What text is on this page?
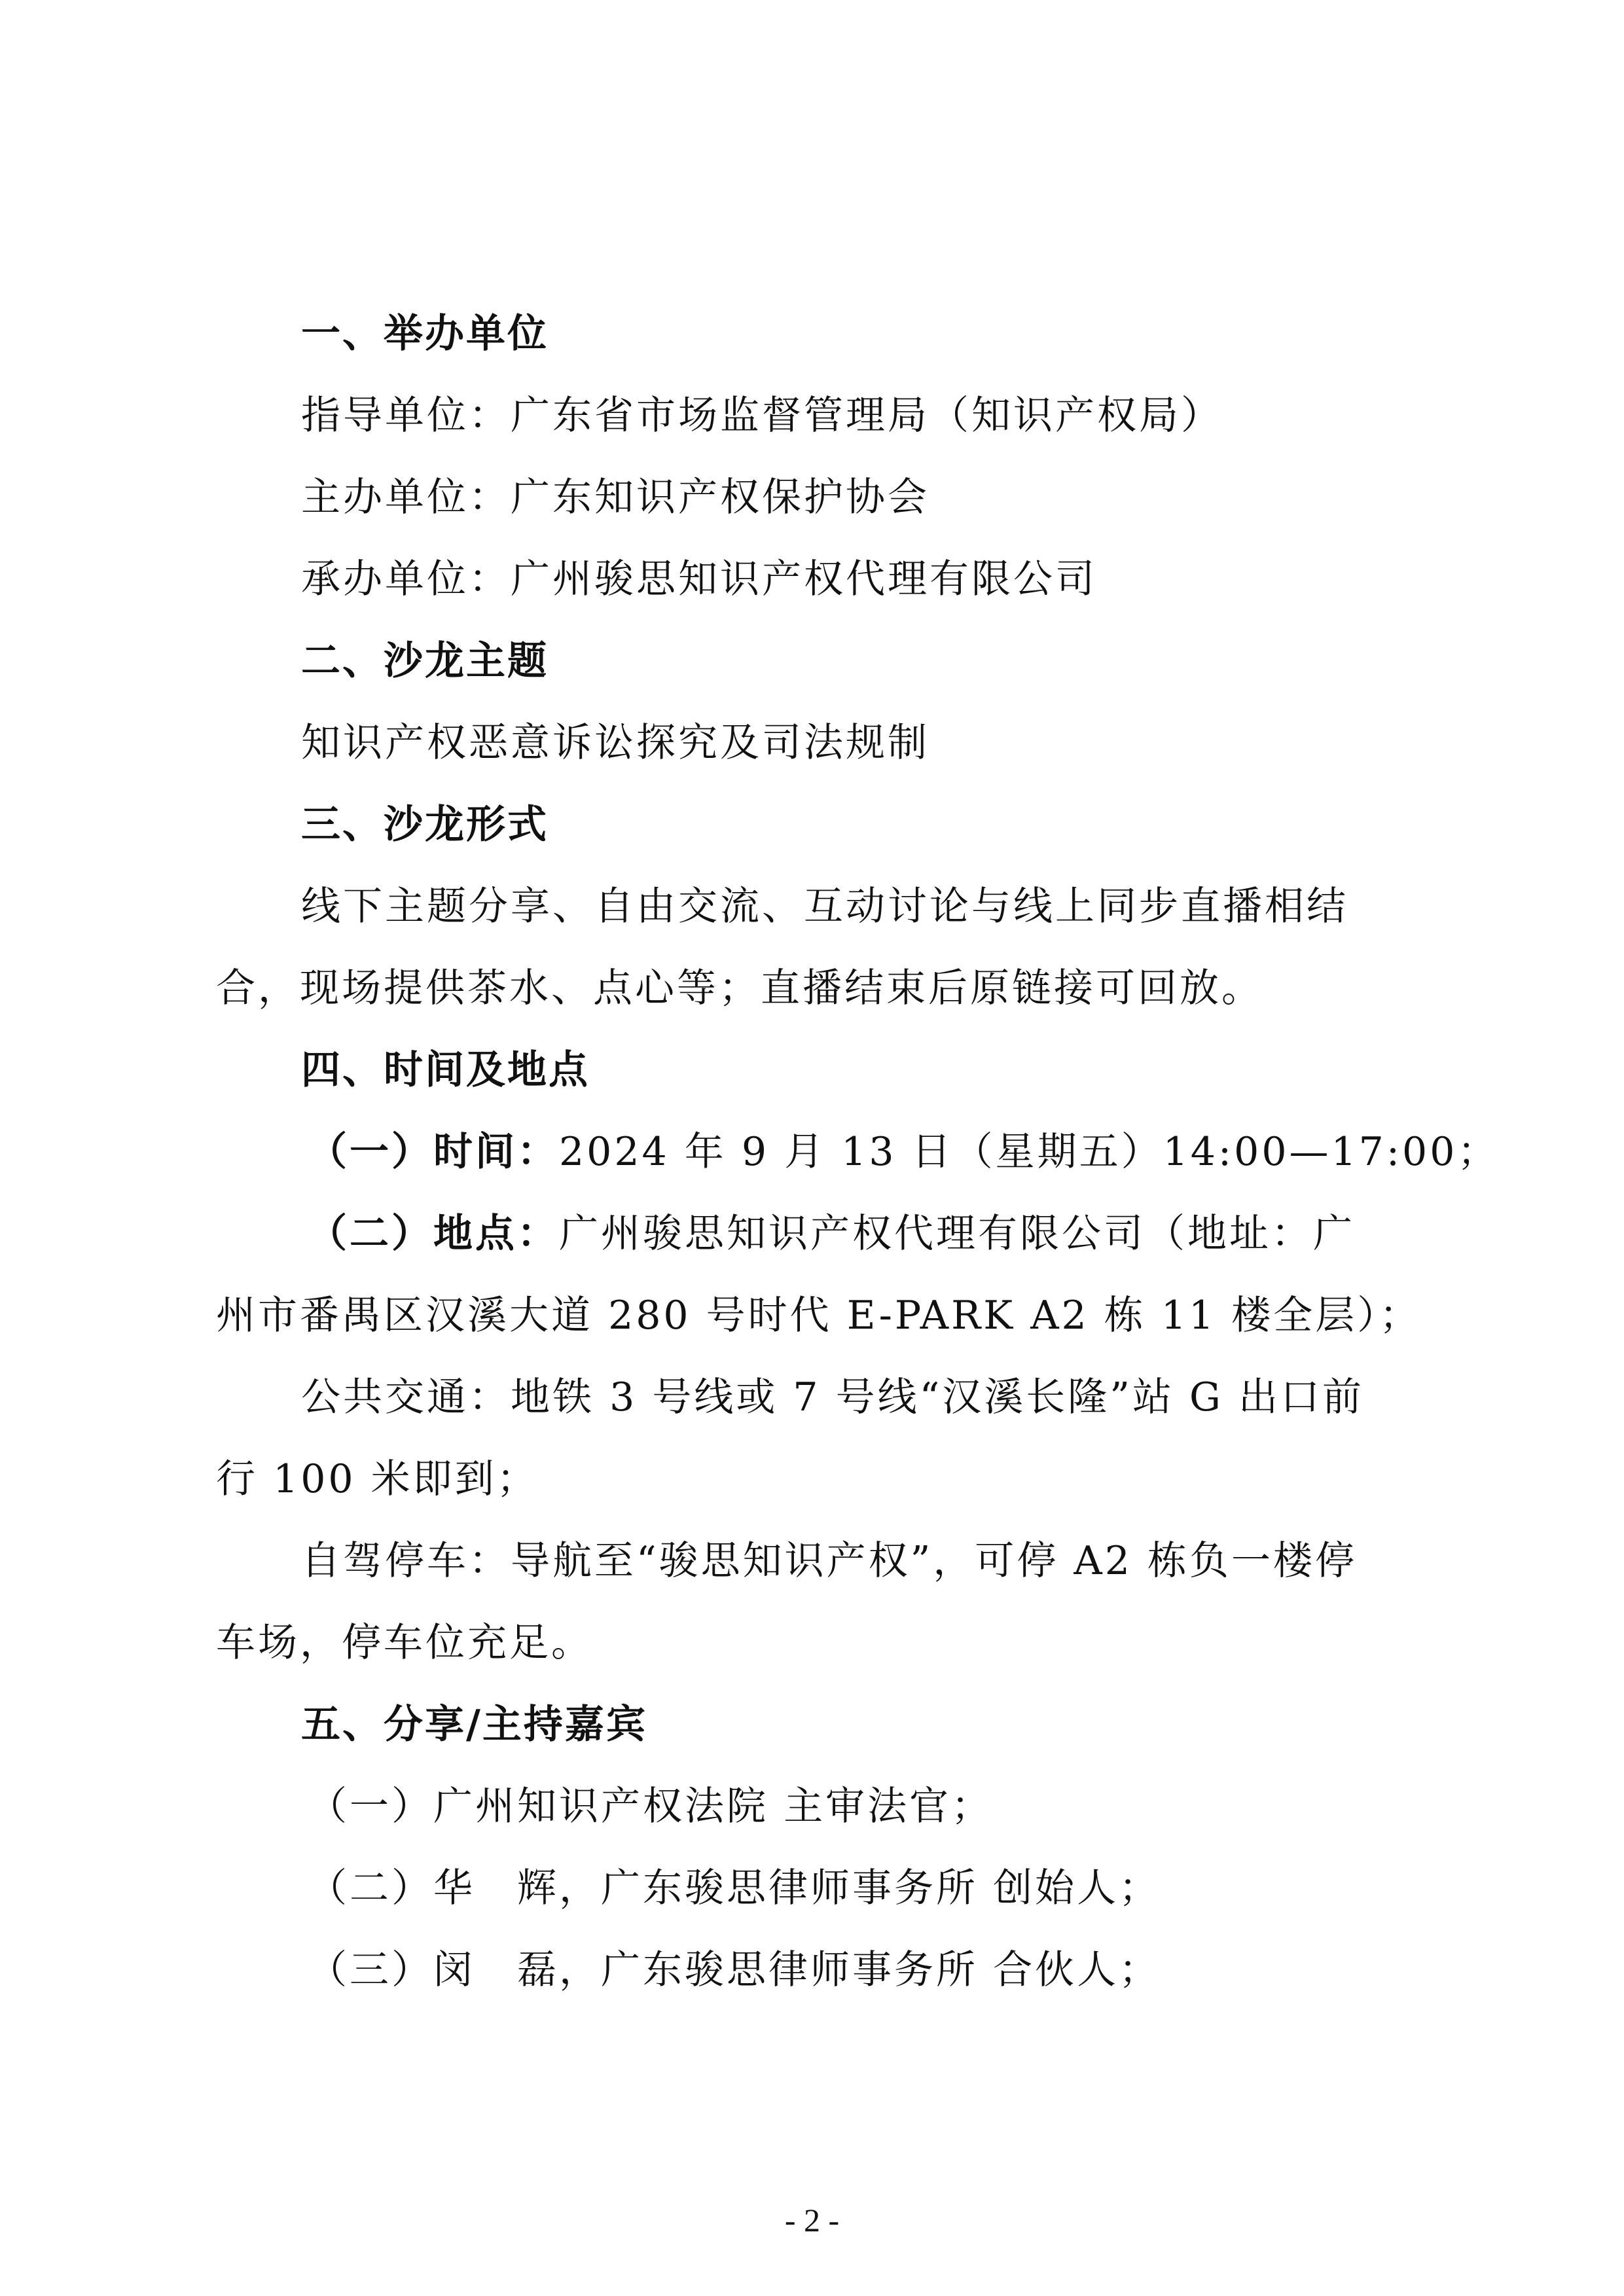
一、举办单位
指导单位：广东省市场监督管理局（知识产权局）
主办单位：广东知识产权保护协会
承办单位：广州骏思知识产权代理有限公司
二、沙龙主题
知识产权恶意诉讼探究及司法规制
三、沙龙形式
线下主题分享、自由交流、互动讨论与线上同步直播相结
合，现场提供茶水、点心等；直播结束后原链接可回放。
四、时间及地点
（一）时间：2024 年 9 月 13 日（星期五）14:00—17:00；
（二）地点：广州骏思知识产权代理有限公司（地址：广
州市番禺区汉溪大道 280 号时代 E-PARK A2 栋 11 楼全层）；
公共交通：地铁 3 号线或 7 号线“汉溪长隆”站 G 出口前
行 100 米即到；
自驾停车：导航至“骏思知识产权”，可停 A2 栋负一楼停
车场，停车位充足。
五、分享/主持嘉宾
（一）广州知识产权法院 主审法官；
（二）华　辉，广东骏思律师事务所 创始人；
（三）闵　磊，广东骏思律师事务所 合伙人；
- 2 -
